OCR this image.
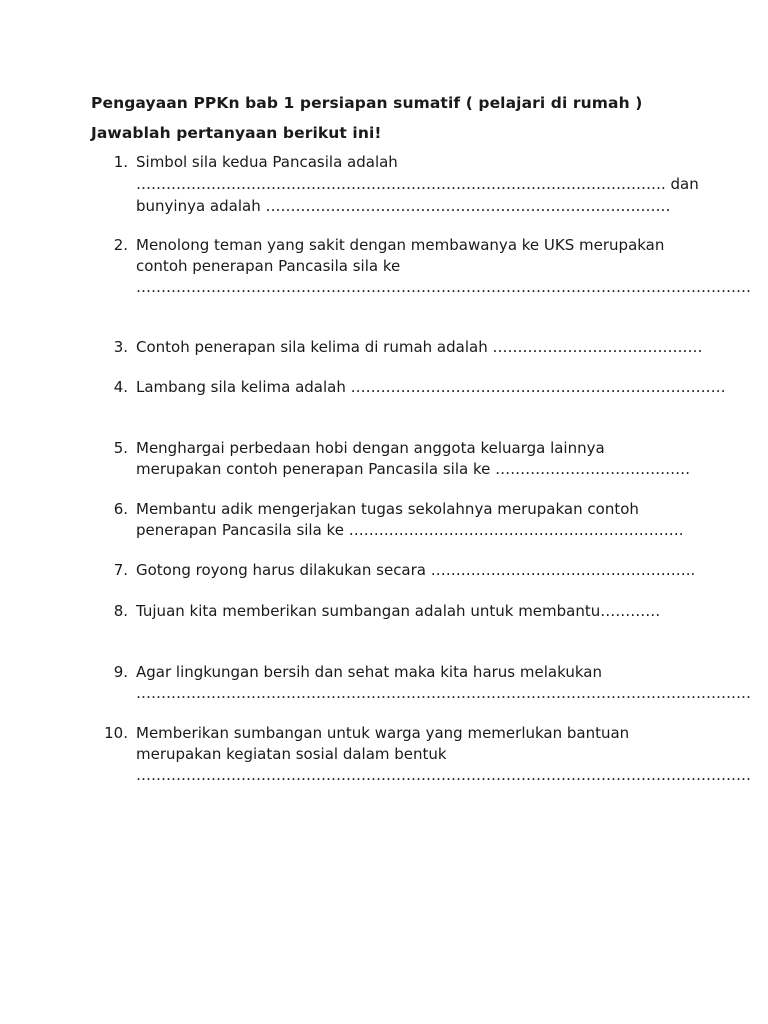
Pengayaan PPKn bab 1 persiapan sumatif ( pelajari di rumah )
Jawablah pertanyaan berikut ini!
1. Simbol sila kedua Pancasila adalah
……………………………………………………………………………………………. dan
bunyinya adalah ………………………………………………………………………
2. Menolong teman yang sakit dengan membawanya ke UKS merupakan
contoh penerapan Pancasila sila ke
……………………………………………………………………………………………………………
3. Contoh penerapan sila kelima di rumah adalah ……………………………………
4. Lambang sila kelima adalah …………………………………………………………………
5. Menghargai perbedaan hobi dengan anggota keluarga lainnya
merupakan contoh penerapan Pancasila sila ke …………………………………
6. Membantu adik mengerjakan tugas sekolahnya merupakan contoh
penerapan Pancasila sila ke ………………………………………………………….
7. Gotong royong harus dilakukan secara ……………………………………………..
8. Tujuan kita memberikan sumbangan adalah untuk membantu…………
9. Agar lingkungan bersih dan sehat maka kita harus melakukan
……………………………………………………………………………………………………………
10. Memberikan sumbangan untuk warga yang memerlukan bantuan
merupakan kegiatan sosial dalam bentuk
……………………………………………………………………………………………………………
